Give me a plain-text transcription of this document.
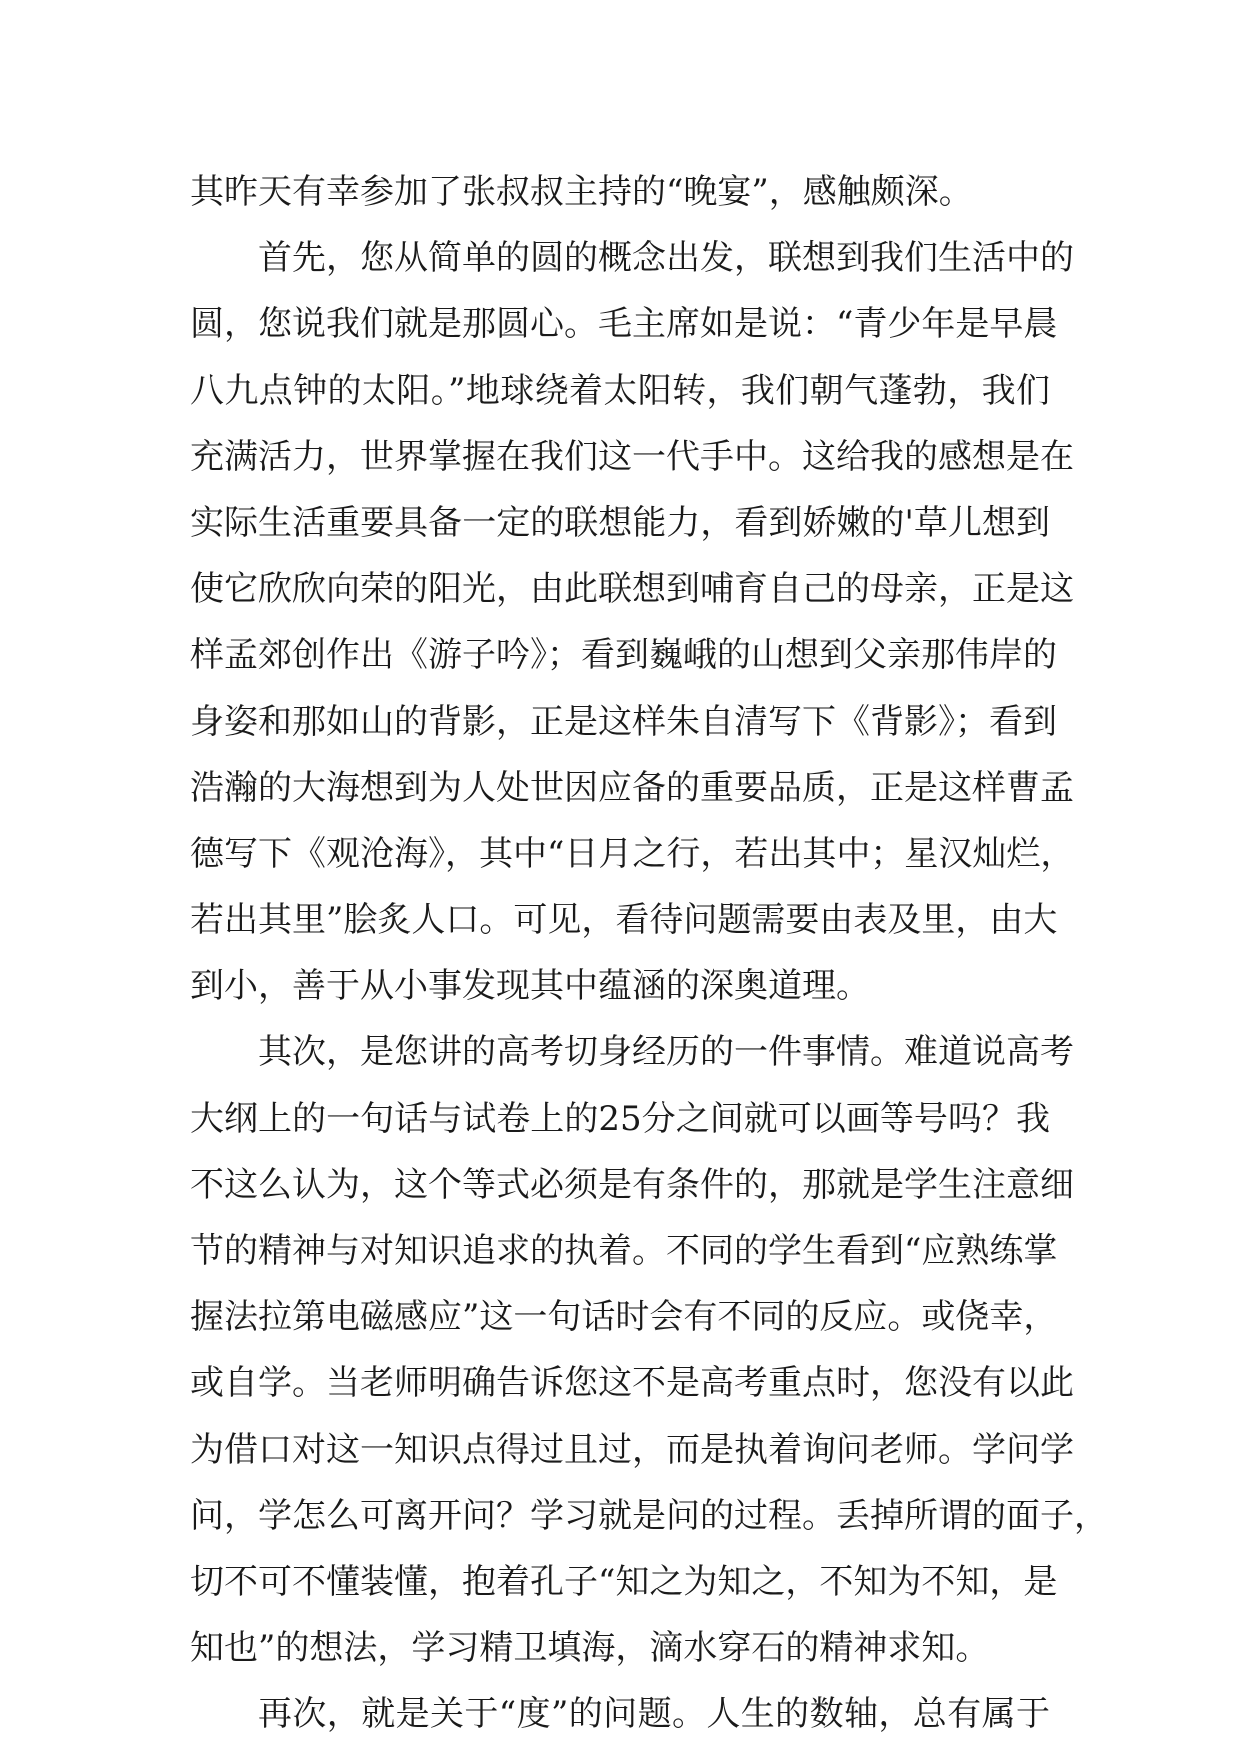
其昨天有幸参加了张叔叔主持的“晚宴”，感触颇深。
首先，您从简单的圆的概念出发，联想到我们生活中的
圆，您说我们就是那圆心。毛主席如是说：“青少年是早晨
八九点钟的太阳。”地球绕着太阳转，我们朝气蓬勃，我们
充满活力，世界掌握在我们这一代手中。这给我的感想是在
实际生活重要具备一定的联想能力，看到娇嫩的'草儿想到
使它欣欣向荣的阳光，由此联想到哺育自己的母亲，正是这
样孟郊创作出《游子吟》；看到巍峨的山想到父亲那伟岸的
身姿和那如山的背影，正是这样朱自清写下《背影》；看到
浩瀚的大海想到为人处世因应备的重要品质，正是这样曹孟
德写下《观沧海》，其中“日月之行，若出其中；星汉灿烂，
若出其里”脍炙人口。可见，看待问题需要由表及里，由大
到小，善于从小事发现其中蕴涵的深奥道理。
其次，是您讲的高考切身经历的一件事情。难道说高考
大纲上的一句话与试卷上的25分之间就可以画等号吗？我
不这么认为，这个等式必须是有条件的，那就是学生注意细
节的精神与对知识追求的执着。不同的学生看到“应熟练掌
握法拉第电磁感应”这一句话时会有不同的反应。或侥幸，
或自学。当老师明确告诉您这不是高考重点时，您没有以此
为借口对这一知识点得过且过，而是执着询问老师。学问学
问，学怎么可离开问？学习就是问的过程。丢掉所谓的面子，
切不可不懂装懂，抱着孔子“知之为知之，不知为不知，是
知也”的想法，学习精卫填海，滴水穿石的精神求知。
再次，就是关于“度”的问题。人生的数轴，总有属于
